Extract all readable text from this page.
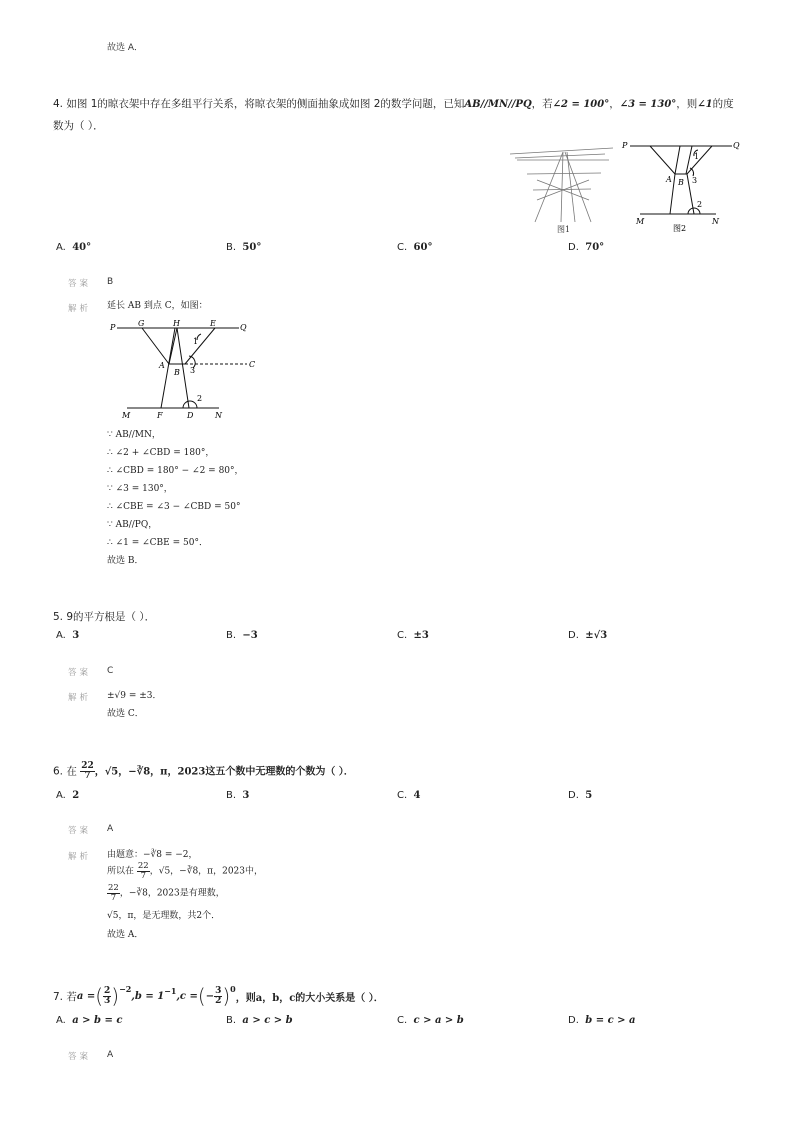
故选 A．
4. 如图 1的晾衣架中存在多组平行关系，将晾衣架的侧面抽象成如图 2的数学问题，已知AB//MN//PQ，若∠2 = 100°，∠3 = 130°，则∠1的度
数为（ ）．
图1
P	Q
M	N
A B
1
2
3
图2
A. 40°	B. 50°	C. 60°	D. 70°
答案 B
解析 延长 AB 到点 C，如图：
P	G	H	E	Q
A
B
C
M	F	D	N
1
2
3
∵ AB//MN，
∴ ∠2 + ∠CBD = 180°，
∴ ∠CBD = 180° − ∠2 = 80°，
∵ ∠3 = 130°，
∴ ∠CBE = ∠3 − ∠CBD = 50°
∵ AB//PQ，
∴ ∠1 = ∠CBE = 50°．
故选 B．
5. 9的平方根是（ ）．
A. 3	B. −3	C. ±3	D. ±√3
答案 C
解析 ±√9 = ±3．
故选 C．
6. 在 $\frac{22}{7}$ ，√5，−∛8，π，2023这五个数中无理数的个数为（ ）．
A. 2	B. 3	C. 4	D. 5
答案 A
解析 由题意：−∛8 = −2，
所以在 $\frac{22}{7}$ ，√5，−∛8，π，2023中，
$\frac{22}{7}$ ，−∛8，2023是有理数，
√5，π，是无理数，共2个．
故选 A．
7. 若 a = ( $\frac{2}{3} )^{-2}$
$,b = 1^{-1}$ ,c = ( − $\frac{3}{2} )^0$
，则a，b，c的大小关系是（ ）．
A. a > b = c	B. a > c > b	C. c > a > b	D. b = c > a
答案 A
